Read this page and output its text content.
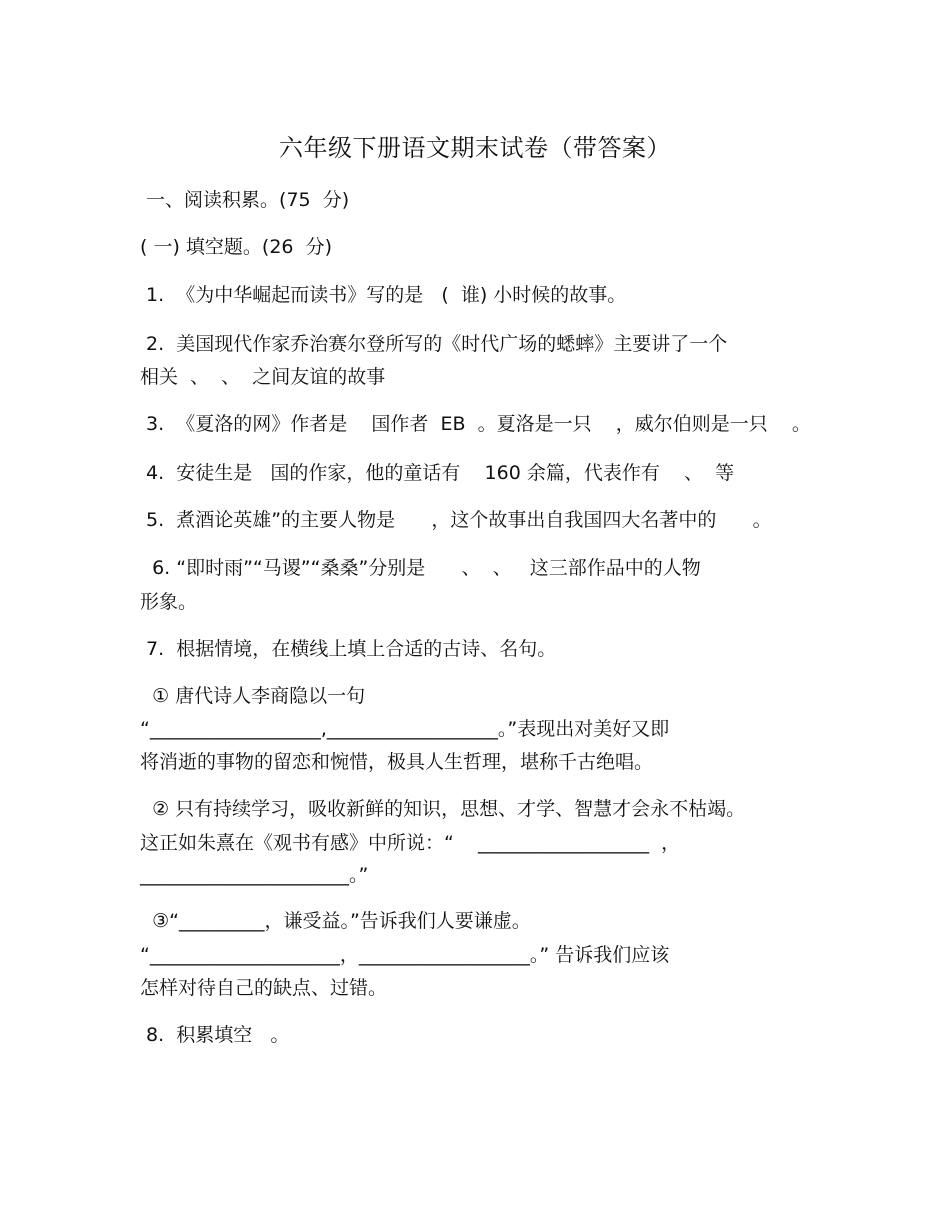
六年级下册语文期末试卷（带答案）
一、阅读积累。(75  分)
( 一) 填空题。(26  分)
1.  《为中华崛起而读书》写的是   (  谁) 小时候的故事。
2.  美国现代作家乔治赛尔登所写的《时代广场的蟋蟀》主要讲了一个
相关  、  、  之间友谊的故事
3.  《夏洛的网》作者是    国作者  EB  。夏洛是一只    ，威尔伯则是一只    。
4.  安徒生是   国的作家，他的童话有    160 余篇，代表作有    、  等
5.  煮酒论英雄”的主要人物是      ，这个故事出自我国四大名著中的      。
6. “即时雨”“马谡”“桑桑”分别是      、  、   这三部作品中的人物
形象。
7.  根据情境，在横线上填上合适的古诗、名句。
① 唐代诗人李商隐以一句
“__________________,__________________。”表现出对美好又即
将消逝的事物的留恋和惋惜，极具人生哲理，堪称千古绝唱。
② 只有持续学习，吸收新鲜的知识，思想、才学、智慧才会永不枯竭。
这正如朱熹在《观书有感》中所说：“    __________________  ，
______________________。”
③“_________，谦受益。”告诉我们人要谦虚。
“____________________，__________________。” 告诉我们应该
怎样对待自己的缺点、过错。
8.  积累填空   。
